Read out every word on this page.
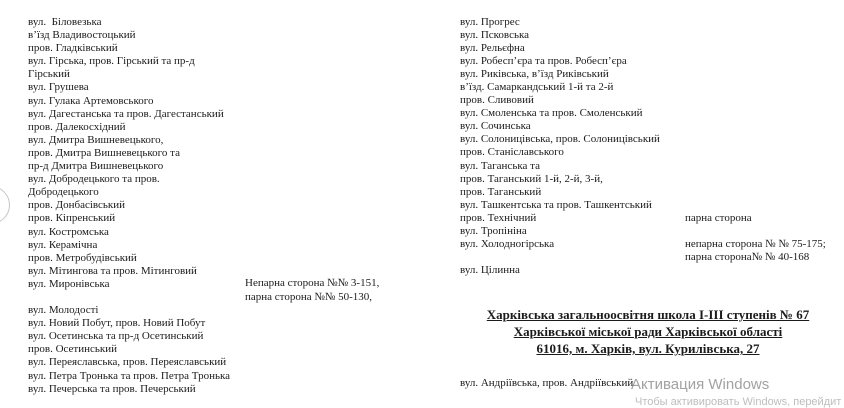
вул.  Біловезька
в’їзд Владивостоцький
пров. Гладківський
вул. Гірська, пров. Гірський та пр-д
Гірський
вул. Грушева
вул. Гулака Артемовського
вул. Дагестанська та пров. Дагестанський
пров. Далекосхідний
вул. Дмитра Вишневецького,
пров. Дмитра Вишневецького та
пр-д Дмитра Вишневецького
вул. Добродецького та пров.
Добродецького
пров. Донбасівський
пров. Кіпренський
вул. Костромська
вул. Керамічна
пров. Метробудівський
вул. Мітингова та пров. Мітинговий
вул. Миронівська
вул. Молодості
вул. Новий Побут, пров. Новий Побут
вул. Осетинська та пр-д Осетинський
пров. Осетинський
вул. Переяславська, пров. Переяславський
вул. Петра Тронька та пров. Петра Тронька
вул. Печерська та пров. Печерський
Непарна сторона №№ 3-151,
парна сторона №№ 50-130,
вул. Прогрес
вул. Псковська
вул. Рельєфна
вул. Робесп’єра та пров. Робесп’єра
вул. Риківська, в’їзд Риківський
в’їзд. Самаркандський 1-й та 2-й
пров. Сливовий
вул. Смоленська та пров. Смоленський
вул. Сочинська
вул. Солоницівська, пров. Солоницівський
пров. Станіславського
вул. Таганська та
пров. Таганський 1-й, 2-й, 3-й,
пров. Таганський
вул. Ташкентська та пров. Ташкентський
пров. Технічний
вул. Тропініна
вул. Холодногірська
вул. Цілинна
парна сторона
непарна сторона № № 75-175;
парна сторона№ № 40-168
Харківська загальноосвітня школа І-ІІІ ступенів № 67
Харківської міської ради Харківської області
61016, м. Харків, вул. Курилівська, 27
вул. Андріївська, пров. Андріївський
Активация Windows
Чтобы активировать Windows, перейдит
